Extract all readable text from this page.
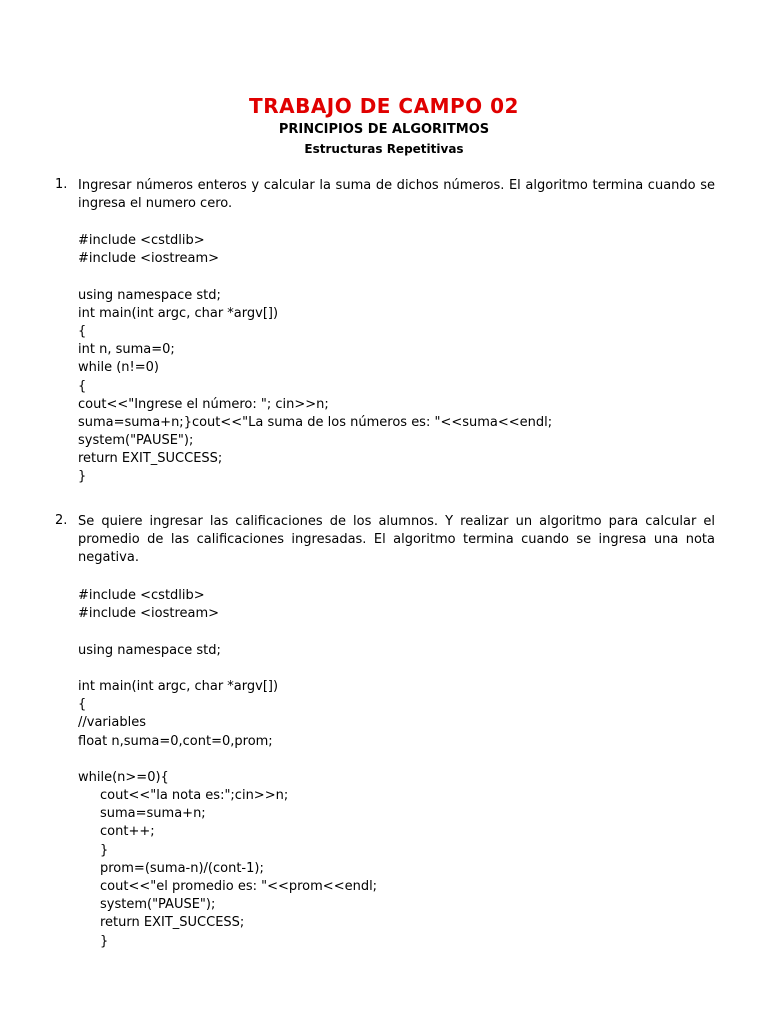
TRABAJO DE CAMPO 02
PRINCIPIOS DE ALGORITMOS
Estructuras Repetitivas
1. Ingresar números enteros y calcular la suma de dichos números. El algoritmo termina cuando se ingresa el numero cero.
#include <cstdlib>
#include <iostream>
using namespace std;
int main(int argc, char *argv[])
{
int n, suma=0;
while (n!=0)
{
cout<<"Ingrese el número: "; cin>>n;
suma=suma+n;}cout<<"La suma de los números es: "<<suma<<endl;
system("PAUSE");
return EXIT_SUCCESS;
}
2. Se quiere ingresar las calificaciones de los alumnos. Y realizar un algoritmo para calcular el promedio de las calificaciones ingresadas. El algoritmo termina cuando se ingresa una nota negativa.
#include <cstdlib>
#include <iostream>
using namespace std;
int main(int argc, char *argv[])
{
//variables
float n,suma=0,cont=0,prom;
while(n>=0){
cout<<"la nota es:";cin>>n;
suma=suma+n;
cont++;
}
prom=(suma-n)/(cont-1);
cout<<"el promedio es: "<<prom<<endl;
system("PAUSE");
return EXIT_SUCCESS;
}
